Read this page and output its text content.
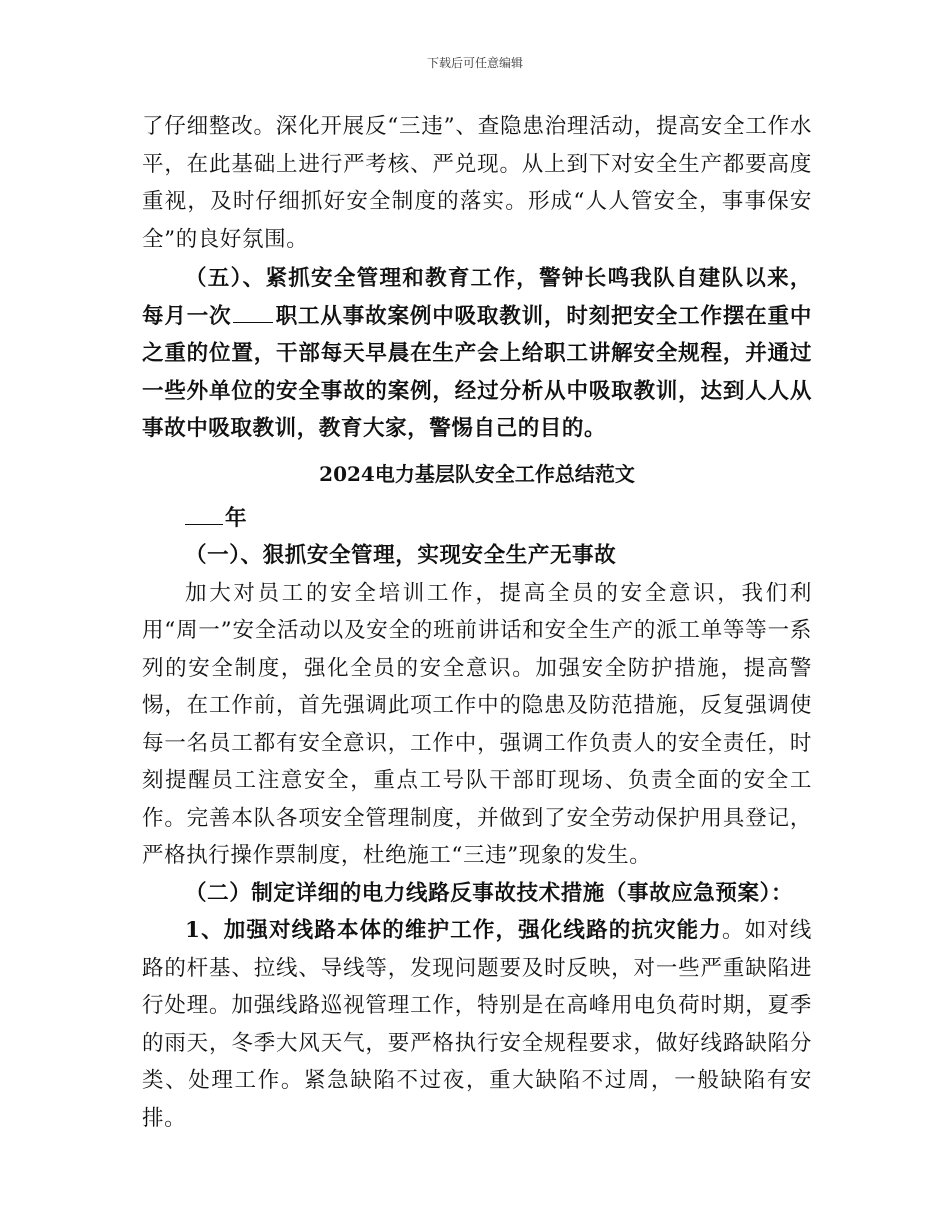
下载后可任意编辑

了仔细整改。深化开展反“三违”、查隐患治理活动，提高安全工作水平，在此基础上进行严考核、严兑现。从上到下对安全生产都要高度重视，及时仔细抓好安全制度的落实。形成“人人管安全，事事保安全”的良好氛围。

（五）、紧抓安全管理和教育工作，警钟长鸣我队自建队以来，每月一次 职工从事故案例中吸取教训，时刻把安全工作摆在重中之重的位置，干部每天早晨在生产会上给职工讲解安全规程，并通过一些外单位的安全事故的案例，经过分析从中吸取教训，达到人人从事故中吸取教训，教育大家，警惕自己的目的。

2024电力基层队安全工作总结范文
年

（一）、狠抓安全管理，实现安全生产无事故

加大对员工的安全培训工作，提高全员的安全意识，我们利用“周一”安全活动以及安全的班前讲话和安全生产的派工单等等一系列的安全制度，强化全员的安全意识。加强安全防护措施，提高警惕，在工作前，首先强调此项工作中的隐患及防范措施，反复强调使每一名员工都有安全意识，工作中，强调工作负责人的安全责任，时刻提醒员工注意安全，重点工号队干部盯现场、负责全面的安全工作。完善本队各项安全管理制度，并做到了安全劳动保护用具登记，严格执行操作票制度，杜绝施工“三违”现象的发生。

（二）制定详细的电力线路反事故技术措施（事故应急预案）：

1、加强对线路本体的维护工作，强化线路的抗灾能力。如对线路的杆基、拉线、导线等，发现问题要及时反映，对一些严重缺陷进行处理。加强线路巡视管理工作，特别是在高峰用电负荷时期，夏季的雨天，冬季大风天气，要严格执行安全规程要求，做好线路缺陷分类、处理工作。紧急缺陷不过夜，重大缺陷不过周，一般缺陷有安排。
